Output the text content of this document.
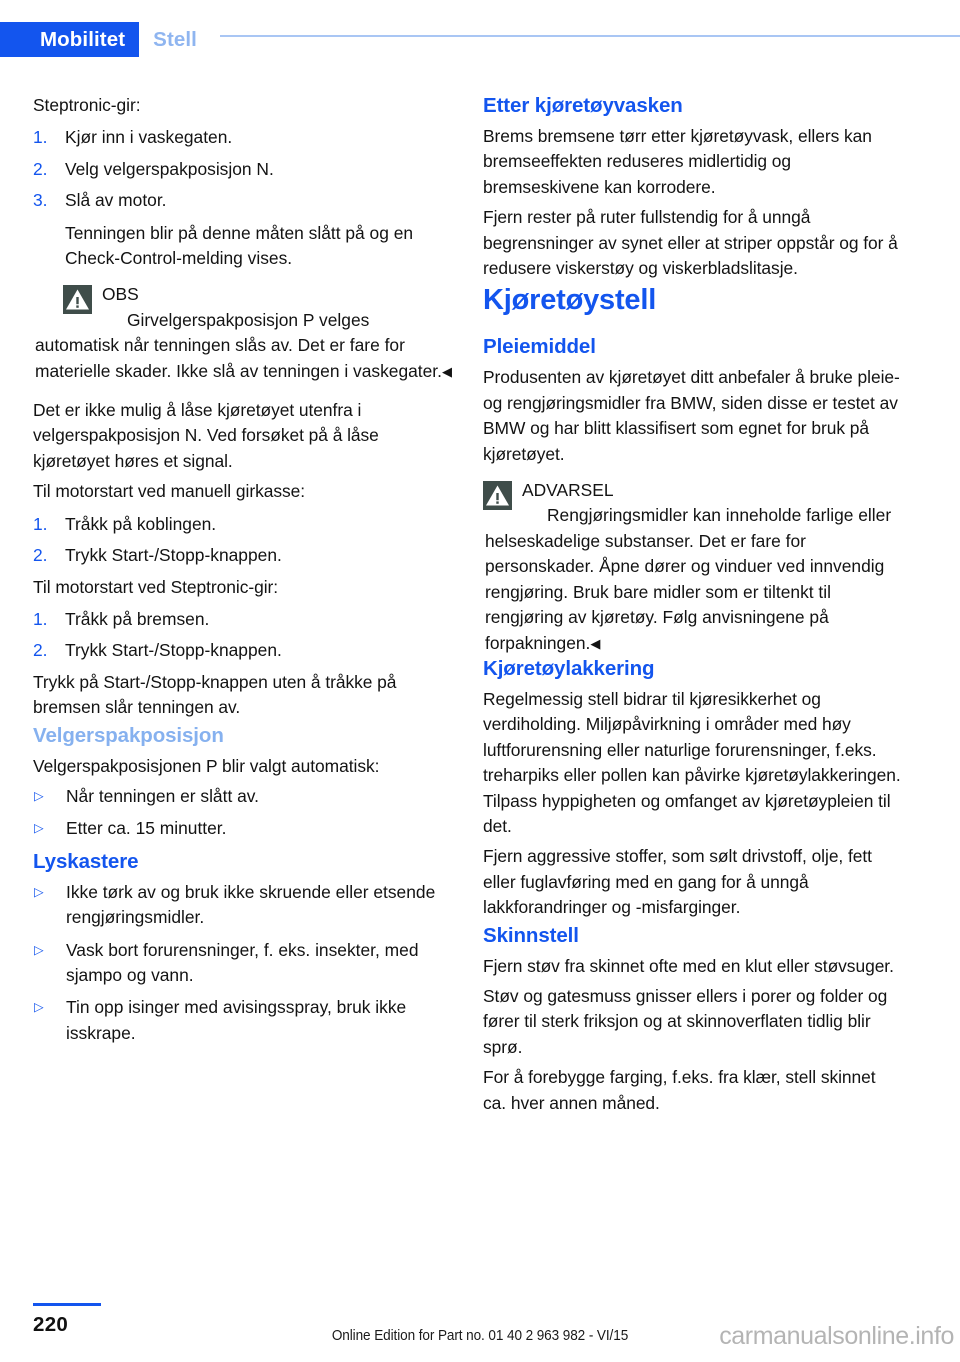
Mobilitet	Stell
Steptronic-gir:
1.	Kjør inn i vaskegaten.
2.	Velg velgerspakposisjon N.
3.	Slå av motor.
Tenningen blir på denne måten slått på og en Check-Control-melding vises.
OBS
Girvelgerspakposisjon P velges automatisk når tenningen slås av. Det er fare for materielle skader. Ikke slå av tenningen i vaskegater.◀
Det er ikke mulig å låse kjøretøyet utenfra i velgerspakposisjon N. Ved forsøket på å låse kjøretøyet høres et signal.
Til motorstart ved manuell girkasse:
1.	Tråkk på koblingen.
2.	Trykk Start-/Stopp-knappen.
Til motorstart ved Steptronic-gir:
1.	Tråkk på bremsen.
2.	Trykk Start-/Stopp-knappen.
Trykk på Start-/Stopp-knappen uten å tråkke på bremsen slår tenningen av.
Velgerspakposisjon
Velgerspakposisjonen P blir valgt automatisk:
▷	Når tenningen er slått av.
▷	Etter ca. 15 minutter.
Lyskastere
▷	Ikke tørk av og bruk ikke skruende eller etsende rengjøringsmidler.
▷	Vask bort forurensninger, f. eks. insekter, med sjampo og vann.
▷	Tin opp isinger med avisingsspray, bruk ikke isskrape.
Etter kjøretøyvasken
Brems bremsene tørr etter kjøretøyvask, ellers kan bremseeffekten reduseres midlertidig og bremseskivene kan korrodere.
Fjern rester på ruter fullstendig for å unngå begrensninger av synet eller at striper oppstår og for å redusere viskerstøy og viskerbladslitasje.
Kjøretøystell
Pleiemiddel
Produsenten av kjøretøyet ditt anbefaler å bruke pleie- og rengjøringsmidler fra BMW, siden disse er testet av BMW og har blitt klassifisert som egnet for bruk på kjøretøyet.
ADVARSEL
Rengjøringsmidler kan inneholde farlige eller helseskadelige substanser. Det er fare for personskader. Åpne dører og vinduer ved innvendig rengjøring. Bruk bare midler som er tiltenkt til rengjøring av kjøretøy. Følg anvisningene på forpakningen.◀
Kjøretøylakkering
Regelmessig stell bidrar til kjøresikkerhet og verdiholding. Miljøpåvirkning i områder med høy luftforurensning eller naturlige forurensninger, f.eks. treharpiks eller pollen kan påvirke kjøretøylakkeringen. Tilpass hyppigheten og omfanget av kjøretøypleien til det.
Fjern aggressive stoffer, som sølt drivstoff, olje, fett eller fuglavføring med en gang for å unngå lakkforandringer og -misfarginger.
Skinnstell
Fjern støv fra skinnet ofte med en klut eller støvsuger.
Støv og gatesmuss gnisser ellers i porer og folder og fører til sterk friksjon og at skinnoverflaten tidlig blir sprø.
For å forebygge farging, f.eks. fra klær, stell skinnet ca. hver annen måned.
220	Online Edition for Part no. 01 40 2 963 982 - VI/15	carmanualsonline.info
